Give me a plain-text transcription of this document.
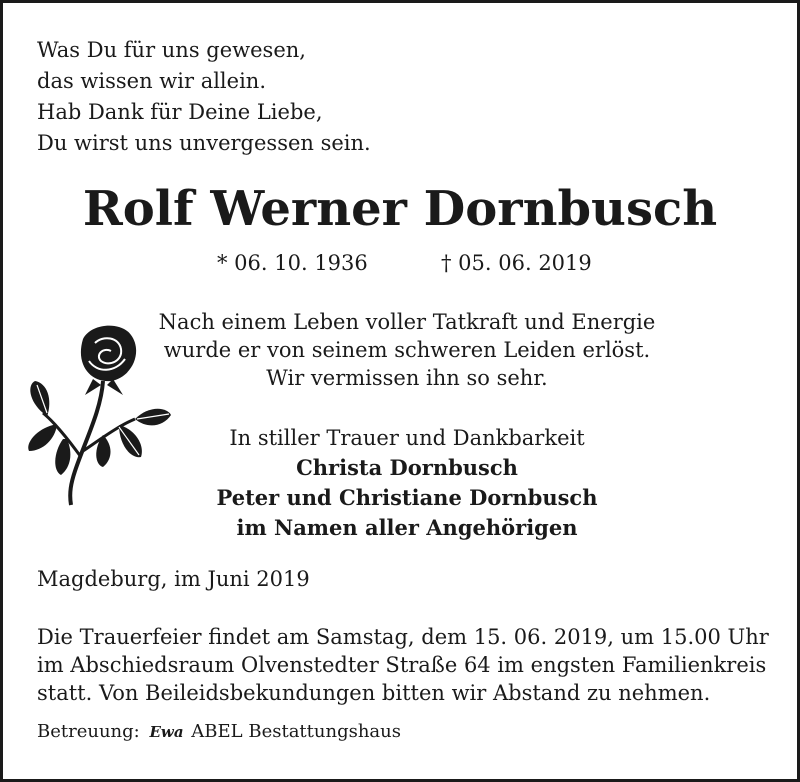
Was Du für uns gewesen,
das wissen wir allein.
Hab Dank für Deine Liebe,
Du wirst uns unvergessen sein.
Rolf Werner Dornbusch
* 06. 10. 1936	† 05. 06. 2019
Nach einem Leben voller Tatkraft und Energie
wurde er von seinem schweren Leiden erlöst.
Wir vermissen ihn so sehr.
In stiller Trauer und Dankbarkeit
Christa Dornbusch
Peter und Christiane Dornbusch
im Namen aller Angehörigen
Magdeburg, im Juni 2019
Die Trauerfeier findet am Samstag, dem 15. 06. 2019, um 15.00 Uhr
im Abschiedsraum Olvenstedter Straße 64 im engsten Familienkreis
statt. Von Beileidsbekundungen bitten wir Abstand zu nehmen.
Betreuung: Ewa ABEL Bestattungshaus
